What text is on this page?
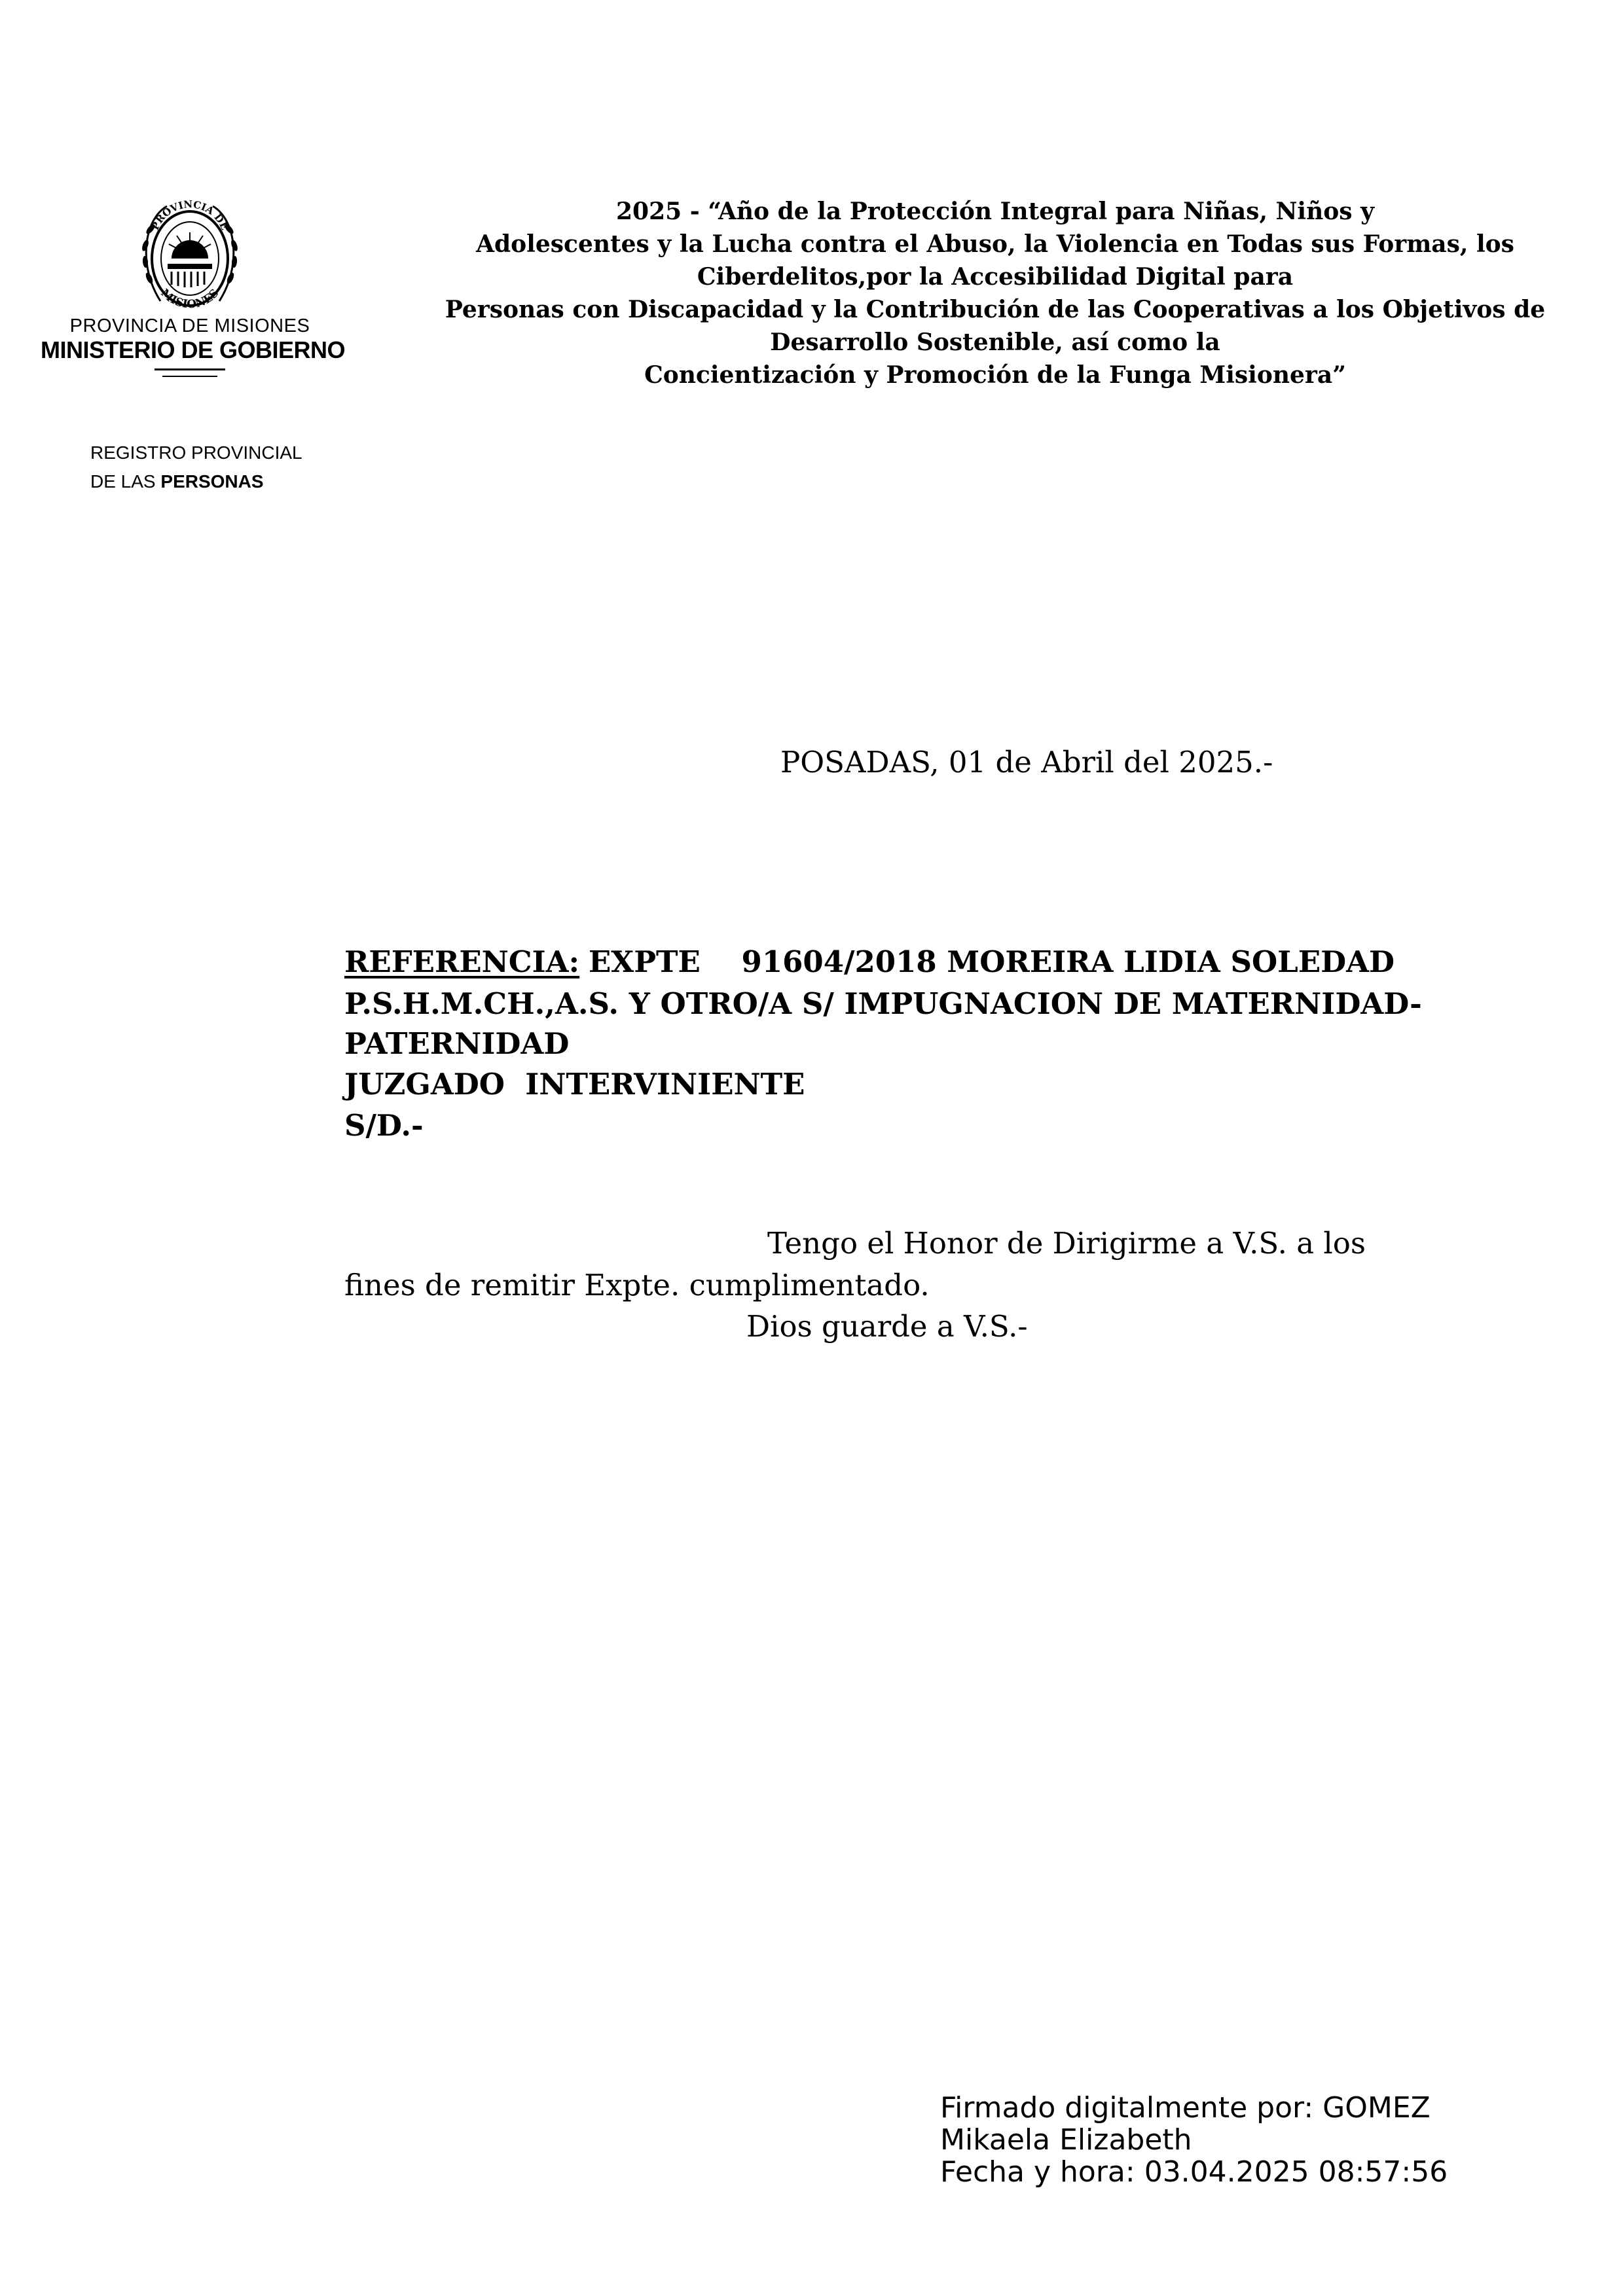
PROVINCIA DE
MISIONES
PROVINCIA DE MISIONES
MINISTERIO DE GOBIERNO
REGISTRO PROVINCIAL
DE LAS PERSONAS
2025 - “Año de la Protección Integral para Niñas, Niños y
Adolescentes y la Lucha contra el Abuso, la Violencia en Todas sus Formas, los
Ciberdelitos,por la Accesibilidad Digital para
Personas con Discapacidad y la Contribución de las Cooperativas a los Objetivos de
Desarrollo Sostenible, así como la
Concientización y Promoción de la Funga Misionera”
POSADAS, 01 de Abril del 2025.-
REFERENCIA: EXPTE    91604/2018 MOREIRA LIDIA SOLEDAD
P.S.H.M.CH.,A.S. Y OTRO/A S/ IMPUGNACION DE MATERNIDAD-
PATERNIDAD
JUZGADO  INTERVINIENTE
S/D.-
Tengo el Honor de Dirigirme a V.S. a los
fines de remitir Expte. cumplimentado.
Dios guarde a V.S.-
Firmado digitalmente por: GOMEZ
Mikaela Elizabeth
Fecha y hora: 03.04.2025 08:57:56
